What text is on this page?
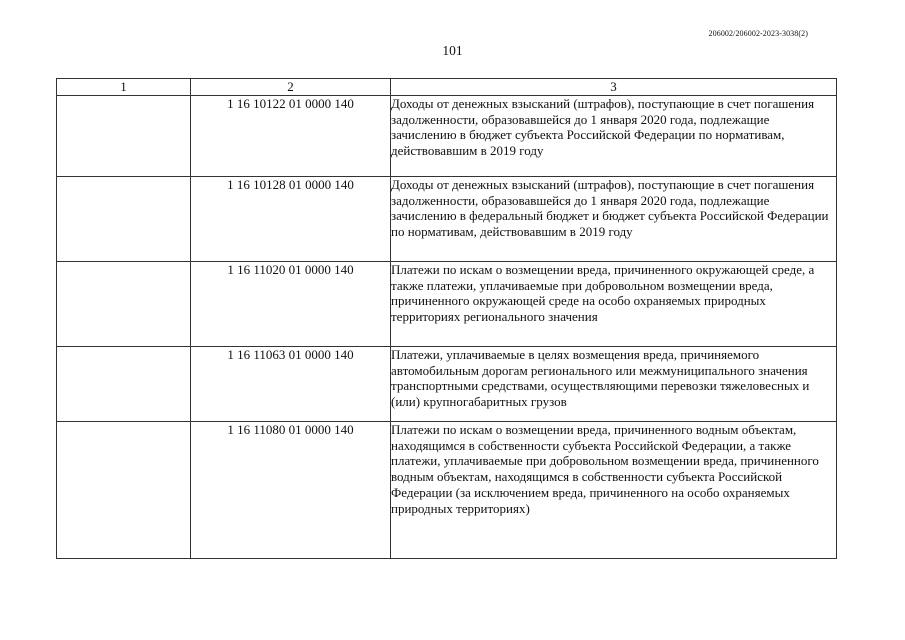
206002/206002-2023-3038(2)
101
1	2	3
	1 16 10122 01 0000 140	Доходы от денежных взысканий (штрафов), поступающие в счет погашения задолженности, образовавшейся до 1 января 2020 года, подлежащие зачислению в бюджет субъекта Российской Федерации по нормативам, действовавшим в 2019 году
	1 16 10128 01 0000 140	Доходы от денежных взысканий (штрафов), поступающие в счет погашения задолженности, образовавшейся до 1 января 2020 года, подлежащие зачислению в федеральный бюджет и бюджет субъекта Российской Федерации по нормативам, действовавшим в 2019 году
	1 16 11020 01 0000 140	Платежи по искам о возмещении вреда, причиненного окружающей среде, а также платежи, уплачиваемые при добровольном возмещении вреда, причиненного окружающей среде на особо охраняемых природных территориях регионального значения
	1 16 11063 01 0000 140	Платежи, уплачиваемые в целях возмещения вреда, причиняемого автомобильным дорогам регионального или межмуниципального значения транспортными средствами, осуществляющими перевозки тяжеловесных и (или) крупногабаритных грузов
	1 16 11080 01 0000 140	Платежи по искам о возмещении вреда, причиненного водным объектам, находящимся в собственности субъекта Российской Федерации, а также платежи, уплачиваемые при добровольном возмещении вреда, причиненного водным объектам, находящимся в собственности субъекта Российской Федерации (за исключением вреда, причиненного на особо охраняемых природных территориях)
